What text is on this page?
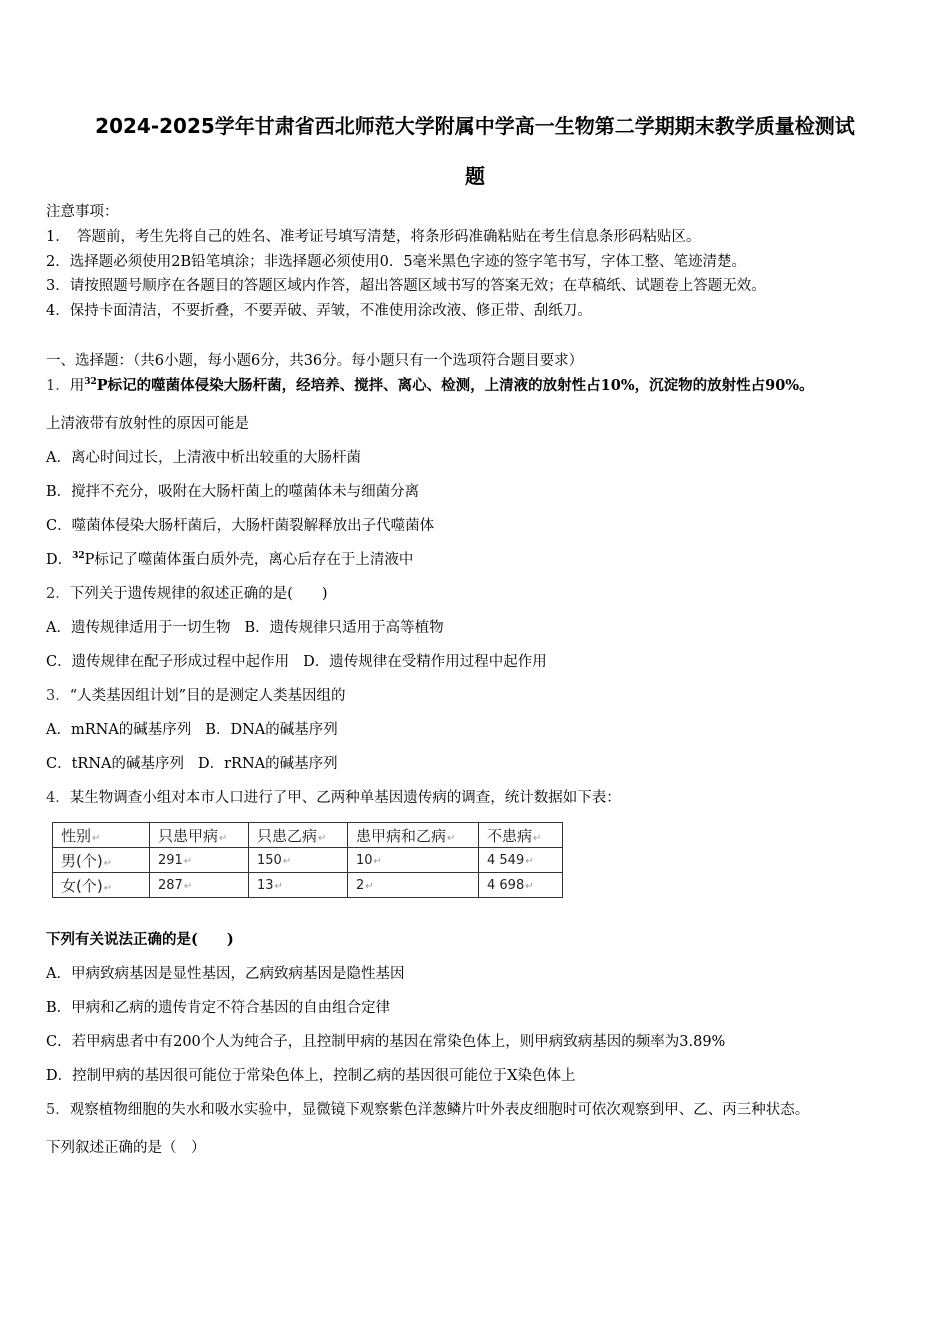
2024-2025学年甘肃省西北师范大学附属中学高一生物第二学期期末教学质量检测试
题
注意事项：
1．　答题前，考生先将自己的姓名、准考证号填写清楚，将条形码准确粘贴在考生信息条形码粘贴区。
2．选择题必须使用2B铅笔填涂；非选择题必须使用0．5毫米黑色字迹的签字笔书写，字体工整、笔迹清楚。
3．请按照题号顺序在各题目的答题区域内作答，超出答题区域书写的答案无效；在草稿纸、试题卷上答题无效。
4．保持卡面清洁，不要折叠，不要弄破、弄皱，不准使用涂改液、修正带、刮纸刀。
一、选择题：（共6小题，每小题6分，共36分。每小题只有一个选项符合题目要求）
1．用$^{32}$P标记的噬菌体侵染大肠杆菌，经培养、搅拌、离心、检测，上清液的放射性占10%，沉淀物的放射性占90%。
上清液带有放射性的原因可能是
A．离心时间过长，上清液中析出较重的大肠杆菌
B．搅拌不充分，吸附在大肠杆菌上的噬菌体未与细菌分离
C．噬菌体侵染大肠杆菌后，大肠杆菌裂解释放出子代噬菌体
D．$^{32}$P标记了噬菌体蛋白质外壳，离心后存在于上清液中
2．下列关于遗传规律的叙述正确的是(　　)
A．遗传规律适用于一切生物 B．遗传规律只适用于高等植物
C．遗传规律在配子形成过程中起作用 D．遗传规律在受精作用过程中起作用
3．“人类基因组计划”目的是测定人类基因组的
A．mRNA的碱基序列 B．DNA的碱基序列
C．tRNA的碱基序列 D．rRNA的碱基序列
4．某生物调查小组对本市人口进行了甲、乙两种单基因遗传病的调查，统计数据如下表：
性别↵	只患甲病↵	只患乙病↵	患甲病和乙病↵	不患病↵
男(个)↵	291↵	150↵	10↵	4 549↵
女(个)↵	287↵	13↵	2↵	4 698↵
下列有关说法正确的是(　　)
A．甲病致病基因是显性基因，乙病致病基因是隐性基因
B．甲病和乙病的遗传肯定不符合基因的自由组合定律
C．若甲病患者中有200个人为纯合子，且控制甲病的基因在常染色体上，则甲病致病基因的频率为3.89%
D．控制甲病的基因很可能位于常染色体上，控制乙病的基因很可能位于X染色体上
5．观察植物细胞的失水和吸水实验中，显微镜下观察紫色洋葱鳞片叶外表皮细胞时可依次观察到甲、乙、丙三种状态。
下列叙述正确的是（　）
